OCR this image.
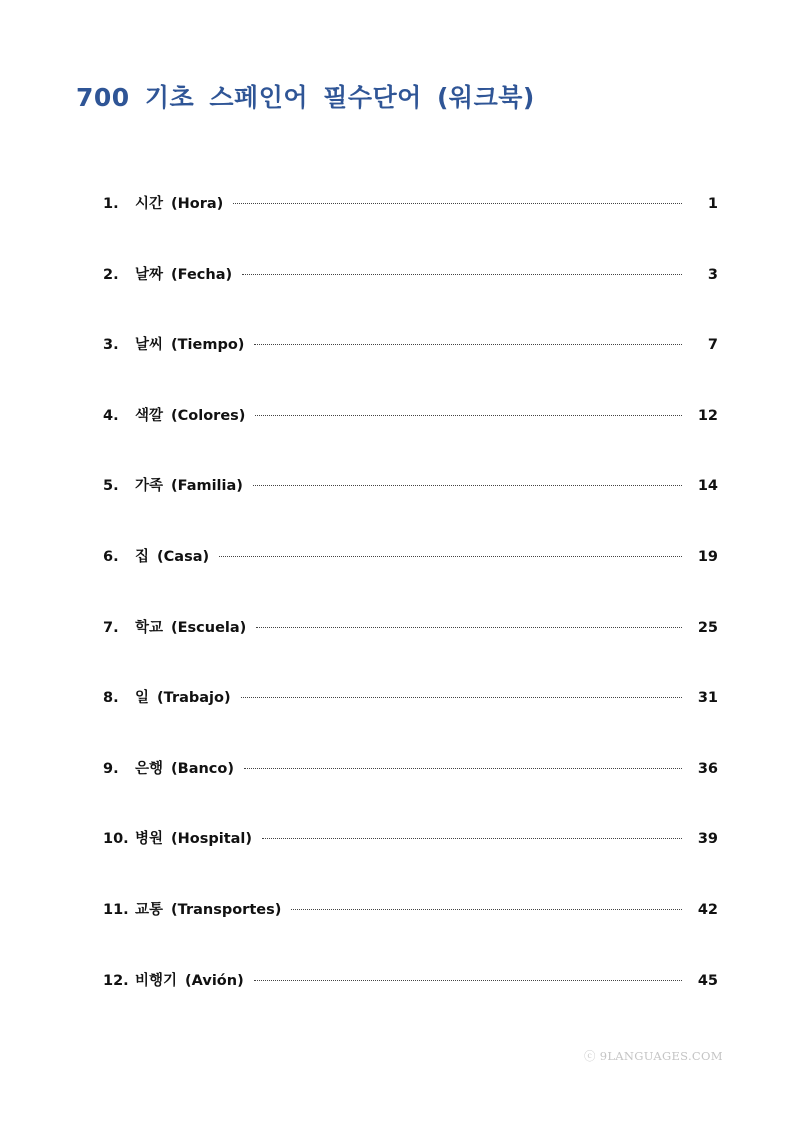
700 기초 스페인어 필수단어 (워크북)
1.	시간 (Hora)	1
2.	날짜 (Fecha)	3
3.	날씨 (Tiempo)	7
4.	색깔 (Colores)	12
5.	가족 (Familia)	14
6.	집 (Casa)	19
7.	학교 (Escuela)	25
8.	일 (Trabajo)	31
9.	은행 (Banco)	36
10. 병원 (Hospital)	39
11. 교통 (Transportes)	42
12. 비행기 (Avión)	45
ⓒ 9LANGUAGES.COM
